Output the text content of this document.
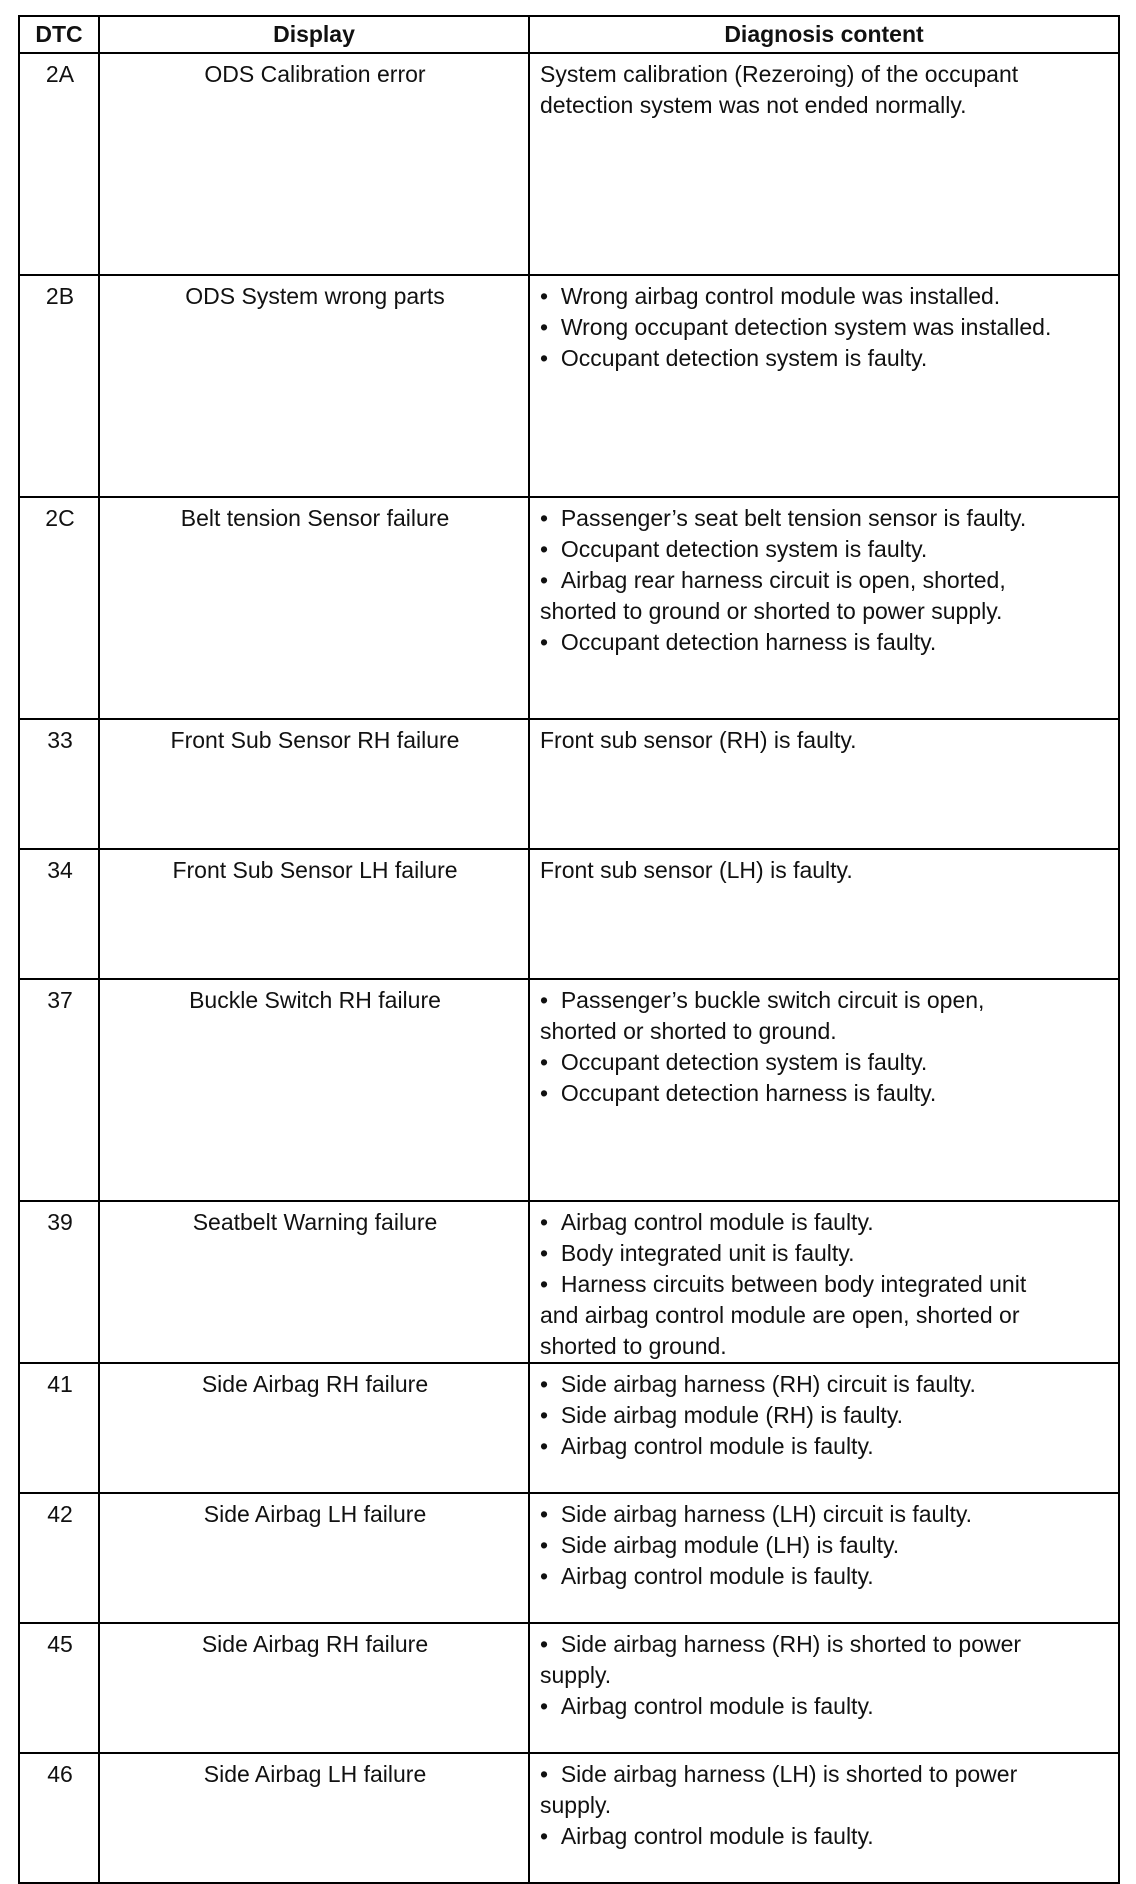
DTC	Display	Diagnosis content
2A	ODS Calibration error	System calibration (Rezeroing) of the occupant
detection system was not ended normally.

2B	ODS System wrong parts	•  Wrong airbag control module was installed.
•  Wrong occupant detection system was installed.
•  Occupant detection system is faulty.

2C	Belt tension Sensor failure	•  Passenger’s seat belt tension sensor is faulty.
•  Occupant detection system is faulty.
•  Airbag rear harness circuit is open, shorted,
shorted to ground or shorted to power supply.
•  Occupant detection harness is faulty.

33	Front Sub Sensor RH failure	Front sub sensor (RH) is faulty.

34	Front Sub Sensor LH failure	Front sub sensor (LH) is faulty.

37	Buckle Switch RH failure	•  Passenger’s buckle switch circuit is open,
shorted or shorted to ground.
•  Occupant detection system is faulty.
•  Occupant detection harness is faulty.

39	Seatbelt Warning failure	•  Airbag control module is faulty.
•  Body integrated unit is faulty.
•  Harness circuits between body integrated unit
and airbag control module are open, shorted or
shorted to ground.

41	Side Airbag RH failure	•  Side airbag harness (RH) circuit is faulty.
•  Side airbag module (RH) is faulty.
•  Airbag control module is faulty.

42	Side Airbag LH failure	•  Side airbag harness (LH) circuit is faulty.
•  Side airbag module (LH) is faulty.
•  Airbag control module is faulty.

45	Side Airbag RH failure	•  Side airbag harness (RH) is shorted to power
supply.
•  Airbag control module is faulty.

46	Side Airbag LH failure	•  Side airbag harness (LH) is shorted to power
supply.
•  Airbag control module is faulty.
